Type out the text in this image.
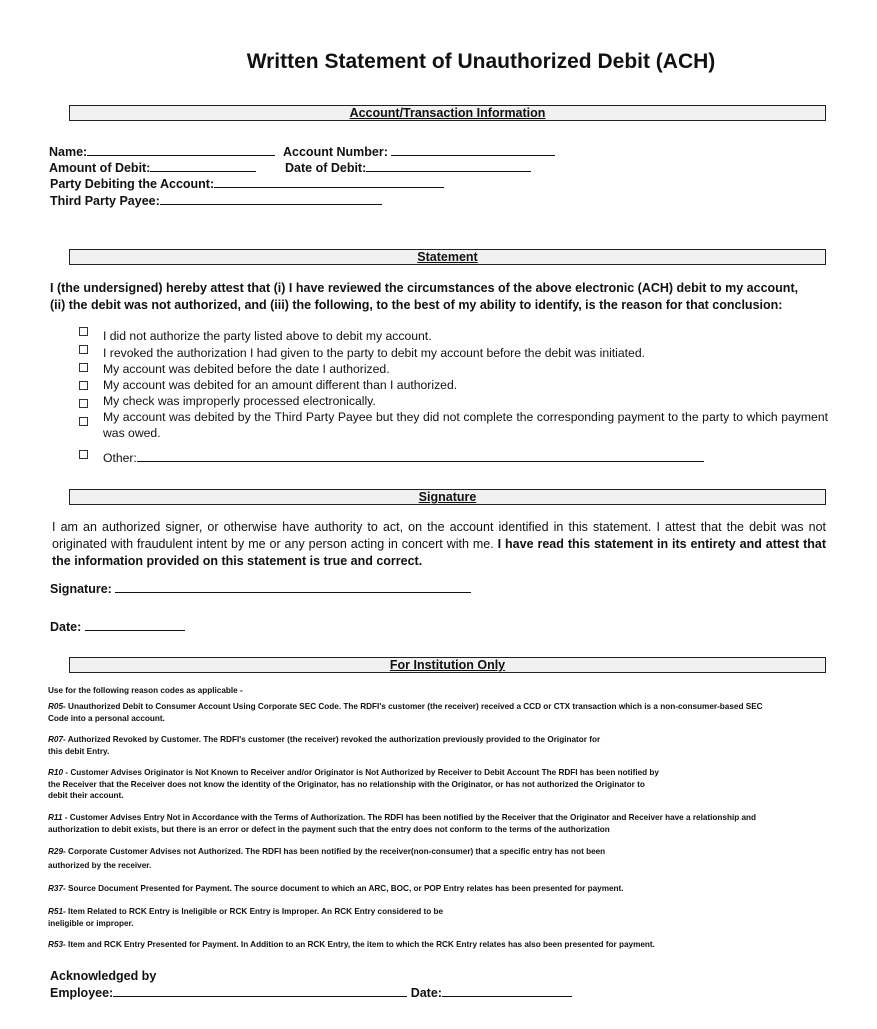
Written Statement of Unauthorized Debit (ACH)
Account/Transaction Information
Name:	Account Number:
Amount of Debit:	Date of Debit:
Party Debiting the Account:
Third Party Payee:
Statement
I (the undersigned) hereby attest that (i) I have reviewed the circumstances of the above electronic (ACH) debit to my account,
(ii) the debit was not authorized, and (iii) the following, to the best of my ability to identify, is the reason for that conclusion:
I did not authorize the party listed above to debit my account.
I revoked the authorization I had given to the party to debit my account before the debit was initiated.
My account was debited before the date I authorized.
My account was debited for an amount different than I authorized.
My check was improperly processed electronically.
My account was debited by the Third Party Payee but they did not complete the corresponding payment to the party to which payment was owed.
Other:
Signature
I am an authorized signer, or otherwise have authority to act, on the account identified in this statement. I attest that the debit was not originated with fraudulent intent by me or any person acting in concert with me. I have read this statement in its entirety and attest that the information provided on this statement is true and correct.
Signature:
Date:
For Institution Only
Use for the following reason codes as applicable -
R05- Unauthorized Debit to Consumer Account Using Corporate SEC Code. The RDFI's customer (the receiver) received a CCD or CTX transaction which is a non-consumer-based SEC
Code into a personal account.
R07- Authorized Revoked by Customer. The RDFI's customer (the receiver) revoked the authorization previously provided to the Originator for
this debit Entry.
R10 - Customer Advises Originator is Not Known to Receiver and/or Originator is Not Authorized by Receiver to Debit Account The RDFI has been notified by
the Receiver that the Receiver does not know the identity of the Originator, has no relationship with the Originator, or has not authorized the Originator to
debit their account.
R11 - Customer Advises Entry Not in Accordance with the Terms of Authorization. The RDFI has been notified by the Receiver that the Originator and Receiver have a relationship and
authorization to debit exists, but there is an error or defect in the payment such that the entry does not conform to the terms of the authorization
R29- Corporate Customer Advises not Authorized. The RDFI has been notified by the receiver(non-consumer) that a specific entry has not been
authorized by the receiver.
R37- Source Document Presented for Payment. The source document to which an ARC, BOC, or POP Entry relates has been presented for payment.
R51- Item Related to RCK Entry is Ineligible or RCK Entry is Improper. An RCK Entry considered to be
ineligible or improper.
R53- Item and RCK Entry Presented for Payment. In Addition to an RCK Entry, the item to which the RCK Entry relates has also been presented for payment.
Acknowledged by
Employee:	Date:
